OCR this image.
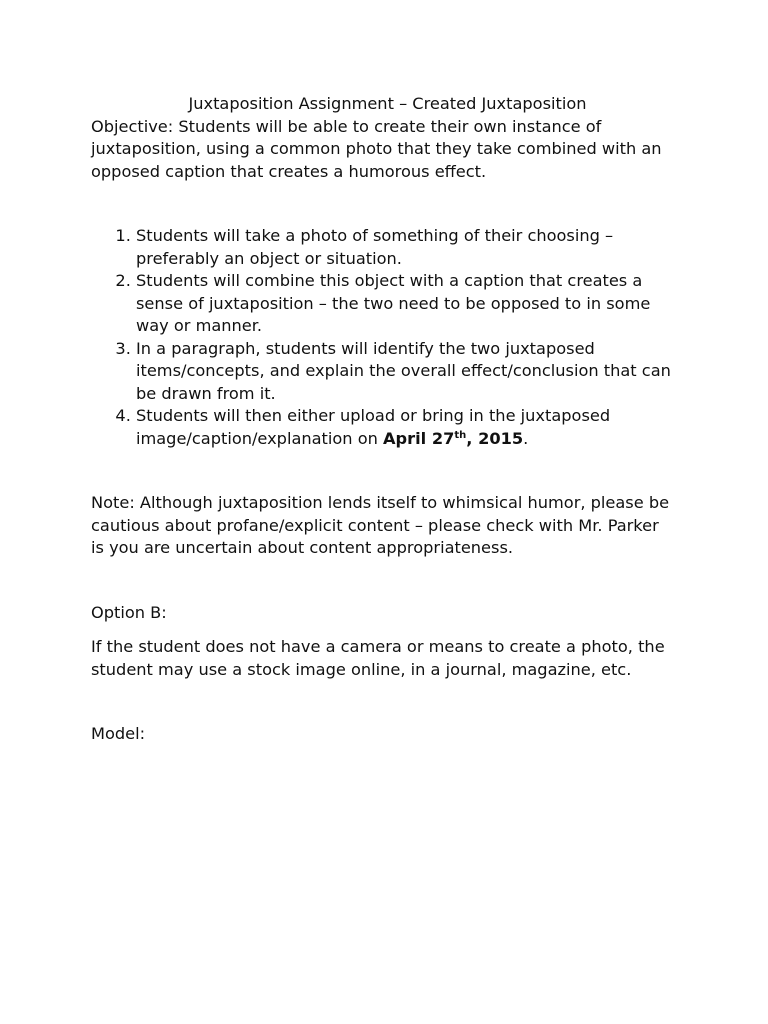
Juxtaposition Assignment – Created Juxtaposition

Objective: Students will be able to create their own instance of juxtaposition, using a common photo that they take combined with an opposed caption that creates a humorous effect.

1. Students will take a photo of something of their choosing – preferably an object or situation.
2. Students will combine this object with a caption that creates a sense of juxtaposition – the two need to be opposed to in some way or manner.
3. In a paragraph, students will identify the two juxtaposed items/concepts, and explain the overall effect/conclusion that can be drawn from it.
4. Students will then either upload or bring in the juxtaposed image/caption/explanation on April 27th, 2015.

Note: Although juxtaposition lends itself to whimsical humor, please be cautious about profane/explicit content – please check with Mr. Parker is you are uncertain about content appropriateness.

Option B:

If the student does not have a camera or means to create a photo, the student may use a stock image online, in a journal, magazine, etc.

Model:
